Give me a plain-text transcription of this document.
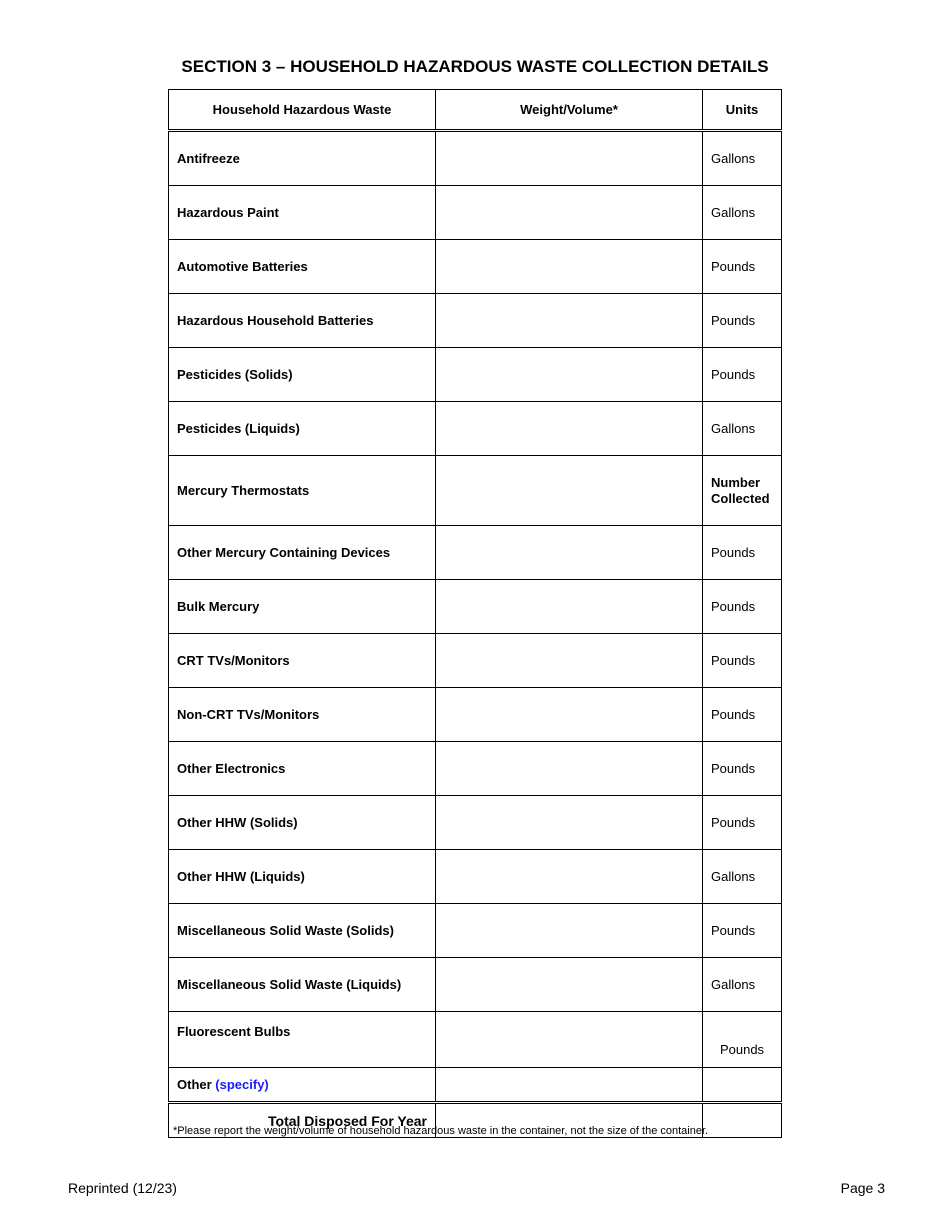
SECTION 3 – HOUSEHOLD HAZARDOUS WASTE COLLECTION DETAILS
Household Hazardous Waste	Weight/Volume*	Units
Antifreeze		Gallons
Hazardous Paint		Gallons
Automotive Batteries		Pounds
Hazardous Household Batteries		Pounds
Pesticides (Solids)		Pounds
Pesticides (Liquids)		Gallons
Mercury Thermostats		Number
Collected

Other Mercury Containing Devices		Pounds
Bulk Mercury		Pounds
CRT TVs/Monitors		Pounds
Non-CRT TVs/Monitors		Pounds
Other Electronics		Pounds
Other HHW (Solids)		Pounds
Other HHW (Liquids)		Gallons
Miscellaneous Solid Waste (Solids)		Pounds
Miscellaneous Solid Waste (Liquids)		Gallons
Fluorescent Bulbs		Pounds
Other (specify)		
Total Disposed For Year		
*Please report the weight/volume of household hazardous waste in the container, not the size of the container.
Reprinted (12/23)	Page 3
